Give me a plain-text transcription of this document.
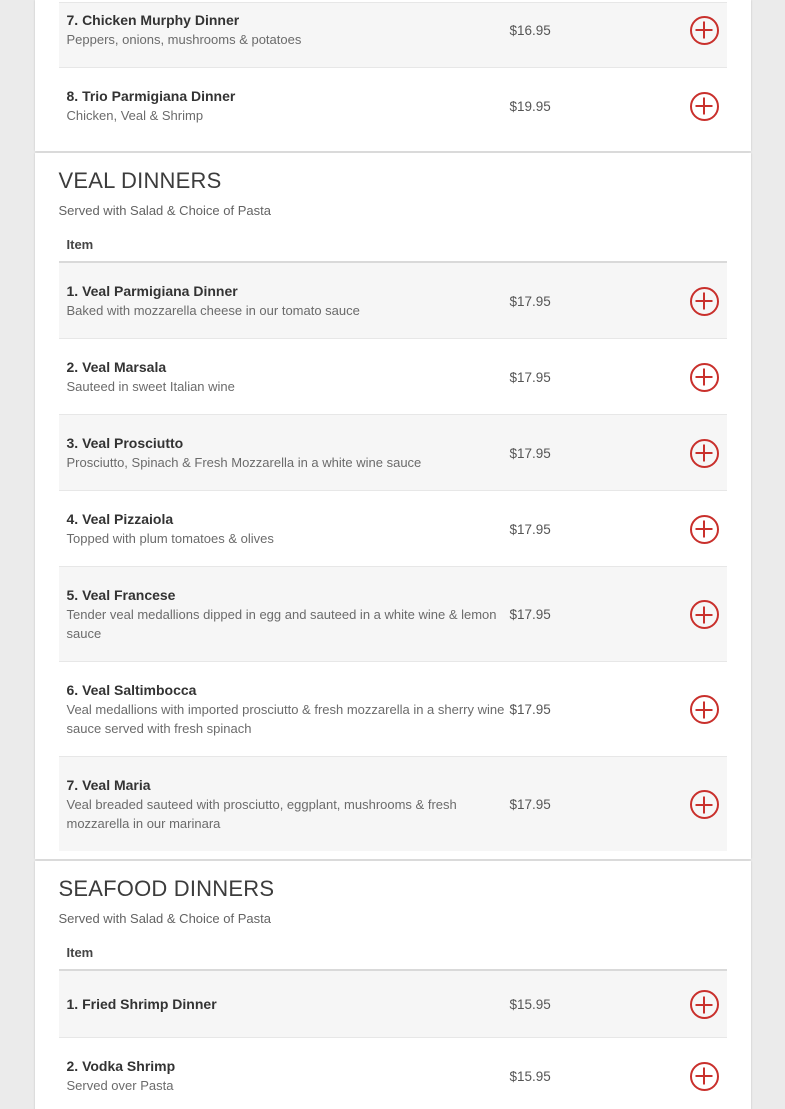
7. Chicken Murphy Dinner
Peppers, onions, mushrooms & potatoes
$16.95
8. Trio Parmigiana Dinner
Chicken, Veal & Shrimp
$19.95
VEAL DINNERS
Served with Salad & Choice of Pasta
Item
1. Veal Parmigiana Dinner
Baked with mozzarella cheese in our tomato sauce
$17.95
2. Veal Marsala
Sauteed in sweet Italian wine
$17.95
3. Veal Prosciutto
Prosciutto, Spinach & Fresh Mozzarella in a white wine sauce
$17.95
4. Veal Pizzaiola
Topped with plum tomatoes & olives
$17.95
5. Veal Francese
Tender veal medallions dipped in egg and sauteed in a white wine & lemon sauce
$17.95
6. Veal Saltimbocca
Veal medallions with imported prosciutto & fresh mozzarella in a sherry wine sauce served with fresh spinach
$17.95
7. Veal Maria
Veal breaded sauteed with prosciutto, eggplant, mushrooms & fresh mozzarella in our marinara
$17.95
SEAFOOD DINNERS
Served with Salad & Choice of Pasta
Item
1. Fried Shrimp Dinner	$15.95
2. Vodka Shrimp
Served over Pasta
$15.95
